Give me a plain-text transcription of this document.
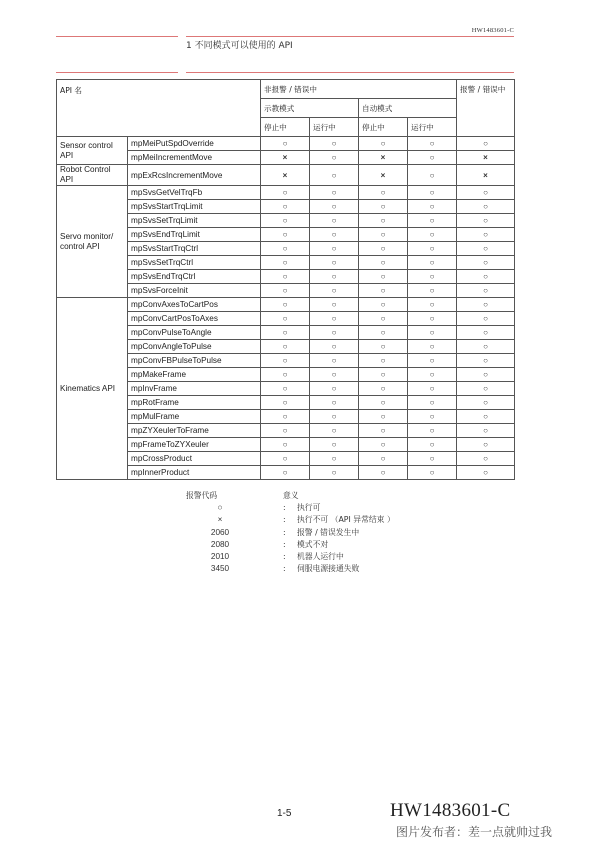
HW1483601-C
1 不同模式可以使用的 API
API 名		非报警 / 错误中				报警 / 错误中
		示教模式		自动模式		
		停止中	运行中	停止中	运行中	
Sensor control API	mpMeiPutSpdOverride	○	○	○	○	○
	mpMeiIncrementMove	×	○	×	○	×
Robot Control API	mpExRcsIncrementMove	×	○	×	○	×
Servo monitor/ control API	mpSvsGetVelTrqFb	○	○	○	○	○
	mpSvsStartTrqLimit	○	○	○	○	○
	mpSvsSetTrqLimit	○	○	○	○	○
	mpSvsEndTrqLimit	○	○	○	○	○
	mpSvsStartTrqCtrl	○	○	○	○	○
	mpSvsSetTrqCtrl	○	○	○	○	○
	mpSvsEndTrqCtrl	○	○	○	○	○
	mpSvsForceInit	○	○	○	○	○
Kinematics API	mpConvAxesToCartPos	○	○	○	○	○
	mpConvCartPosToAxes	○	○	○	○	○
	mpConvPulseToAngle	○	○	○	○	○
	mpConvAngleToPulse	○	○	○	○	○
	mpConvFBPulseToPulse	○	○	○	○	○
	mpMakeFrame	○	○	○	○	○
	mpInvFrame	○	○	○	○	○
	mpRotFrame	○	○	○	○	○
	mpMulFrame	○	○	○	○	○
	mpZYXeulerToFrame	○	○	○	○	○
	mpFrameToZYXeuler	○	○	○	○	○
	mpCrossProduct	○	○	○	○	○
	mpInnerProduct	○	○	○	○	○
报警代码	意义
○	: 执行可
×	: 执行不可 （API 异常结束 ）
2060	: 报警 / 错误发生中
2080	: 模式不对
2010	: 机器人运行中
3450	: 伺服电源接通失败
1-5	HW1483601-C
图片发布者：差一点就帅过我
